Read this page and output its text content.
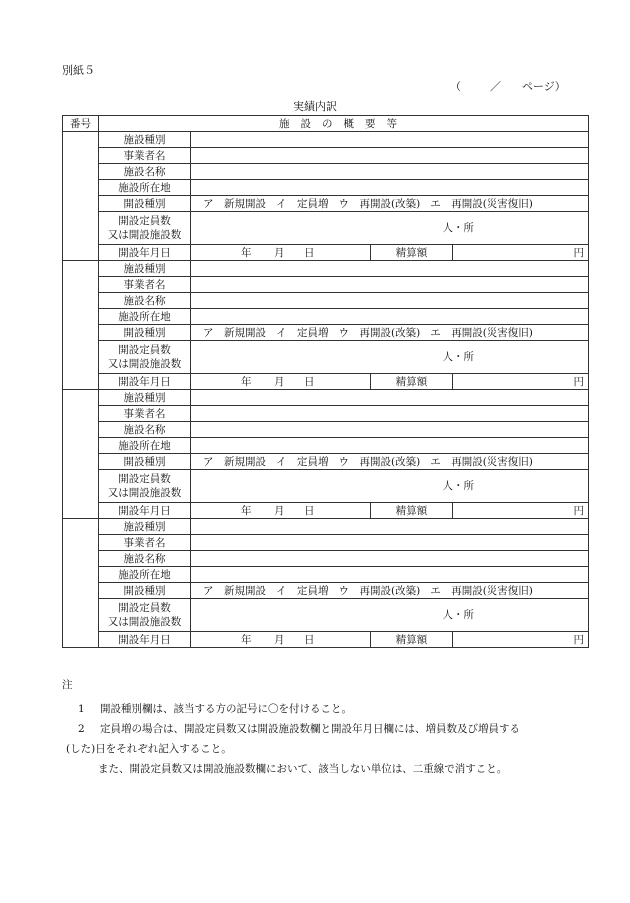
別紙５
（	／ ページ）
実績内訳
番号	施設の概要等			
	施設種別			
	事業者名			
	施設名称			
	施設所在地			
	開設種別	ア　新規開設 イ　定員増 ウ　再開設(改築) エ　再開設(災害復旧)		
	開設定員数
又は開設施設数	人・所		
	開設年月日	年 月 日	精算額	円
	施設種別			
	事業者名			
	施設名称			
	施設所在地			
	開設種別	ア　新規開設 イ　定員増 ウ　再開設(改築) エ　再開設(災害復旧)		
	開設定員数
又は開設施設数	人・所		
	開設年月日	年 月 日	精算額	円
	施設種別			
	事業者名			
	施設名称			
	施設所在地			
	開設種別	ア　新規開設 イ　定員増 ウ　再開設(改築) エ　再開設(災害復旧)		
	開設定員数
又は開設施設数	人・所		
	開設年月日	年 月 日	精算額	円
	施設種別			
	事業者名			
	施設名称			
	施設所在地			
	開設種別	ア　新規開設 イ　定員増 ウ　再開設(改築) エ　再開設(災害復旧)		
	開設定員数
又は開設施設数	人・所		
	開設年月日	年 月 日	精算額	円
注
1 開設種別欄は、該当する方の記号に〇を付けること。
2 定員増の場合は、開設定員数又は開設施設数欄と開設年月日欄には、増員数及び増員する
(した)日をそれぞれ記入すること。
また、開設定員数又は開設施設数欄において、該当しない単位は、二重線で消すこと。
